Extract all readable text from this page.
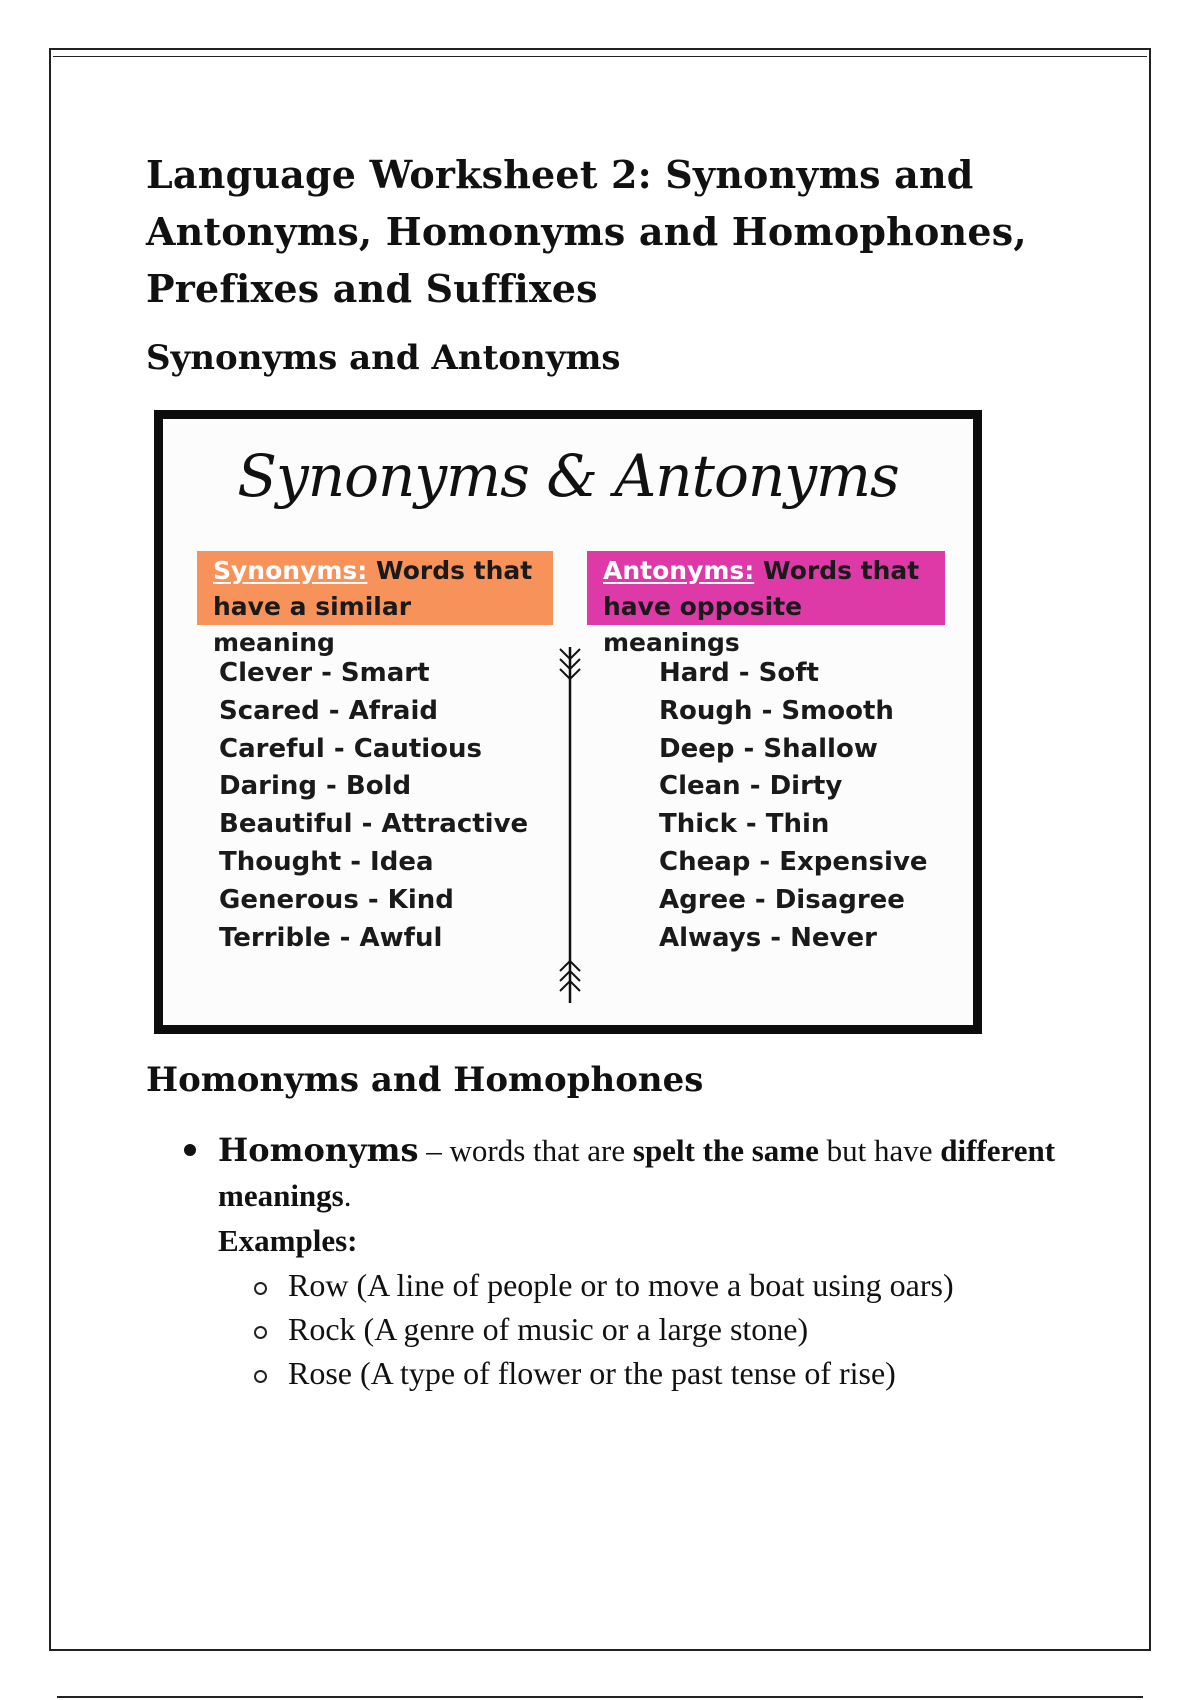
Language Worksheet 2: Synonyms and Antonyms, Homonyms and Homophones, Prefixes and Suffixes
Synonyms and Antonyms
Synonyms & Antonyms
Synonyms: Words that have a similar meaning
Antonyms: Words that have opposite meanings
Clever - Smart
Scared - Afraid
Careful - Cautious
Daring - Bold
Beautiful - Attractive
Thought - Idea
Generous - Kind
Terrible - Awful
Hard - Soft
Rough - Smooth
Deep - Shallow
Clean - Dirty
Thick - Thin
Cheap - Expensive
Agree - Disagree
Always - Never
Homonyms and Homophones
Homonyms – words that are spelt the same but have different meanings.
Examples:
Row (A line of people or to move a boat using oars)
Rock (A genre of music or a large stone)
Rose (A type of flower or the past tense of rise)
